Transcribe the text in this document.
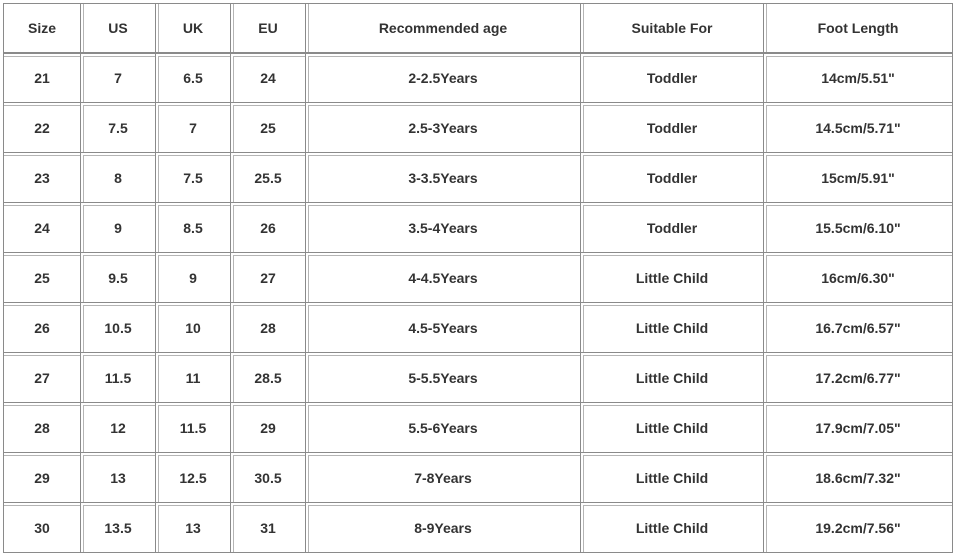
Size	US	UK	EU	Recommended age	Suitable For	Foot Length
21	7	6.5	24	2-2.5Years	Toddler	14cm/5.51"
22	7.5	7	25	2.5-3Years	Toddler	14.5cm/5.71"
23	8	7.5	25.5	3-3.5Years	Toddler	15cm/5.91"
24	9	8.5	26	3.5-4Years	Toddler	15.5cm/6.10"
25	9.5	9	27	4-4.5Years	Little Child	16cm/6.30"
26	10.5	10	28	4.5-5Years	Little Child	16.7cm/6.57"
27	11.5	11	28.5	5-5.5Years	Little Child	17.2cm/6.77"
28	12	11.5	29	5.5-6Years	Little Child	17.9cm/7.05"
29	13	12.5	30.5	7-8Years	Little Child	18.6cm/7.32"
30	13.5	13	31	8-9Years	Little Child	19.2cm/7.56"
